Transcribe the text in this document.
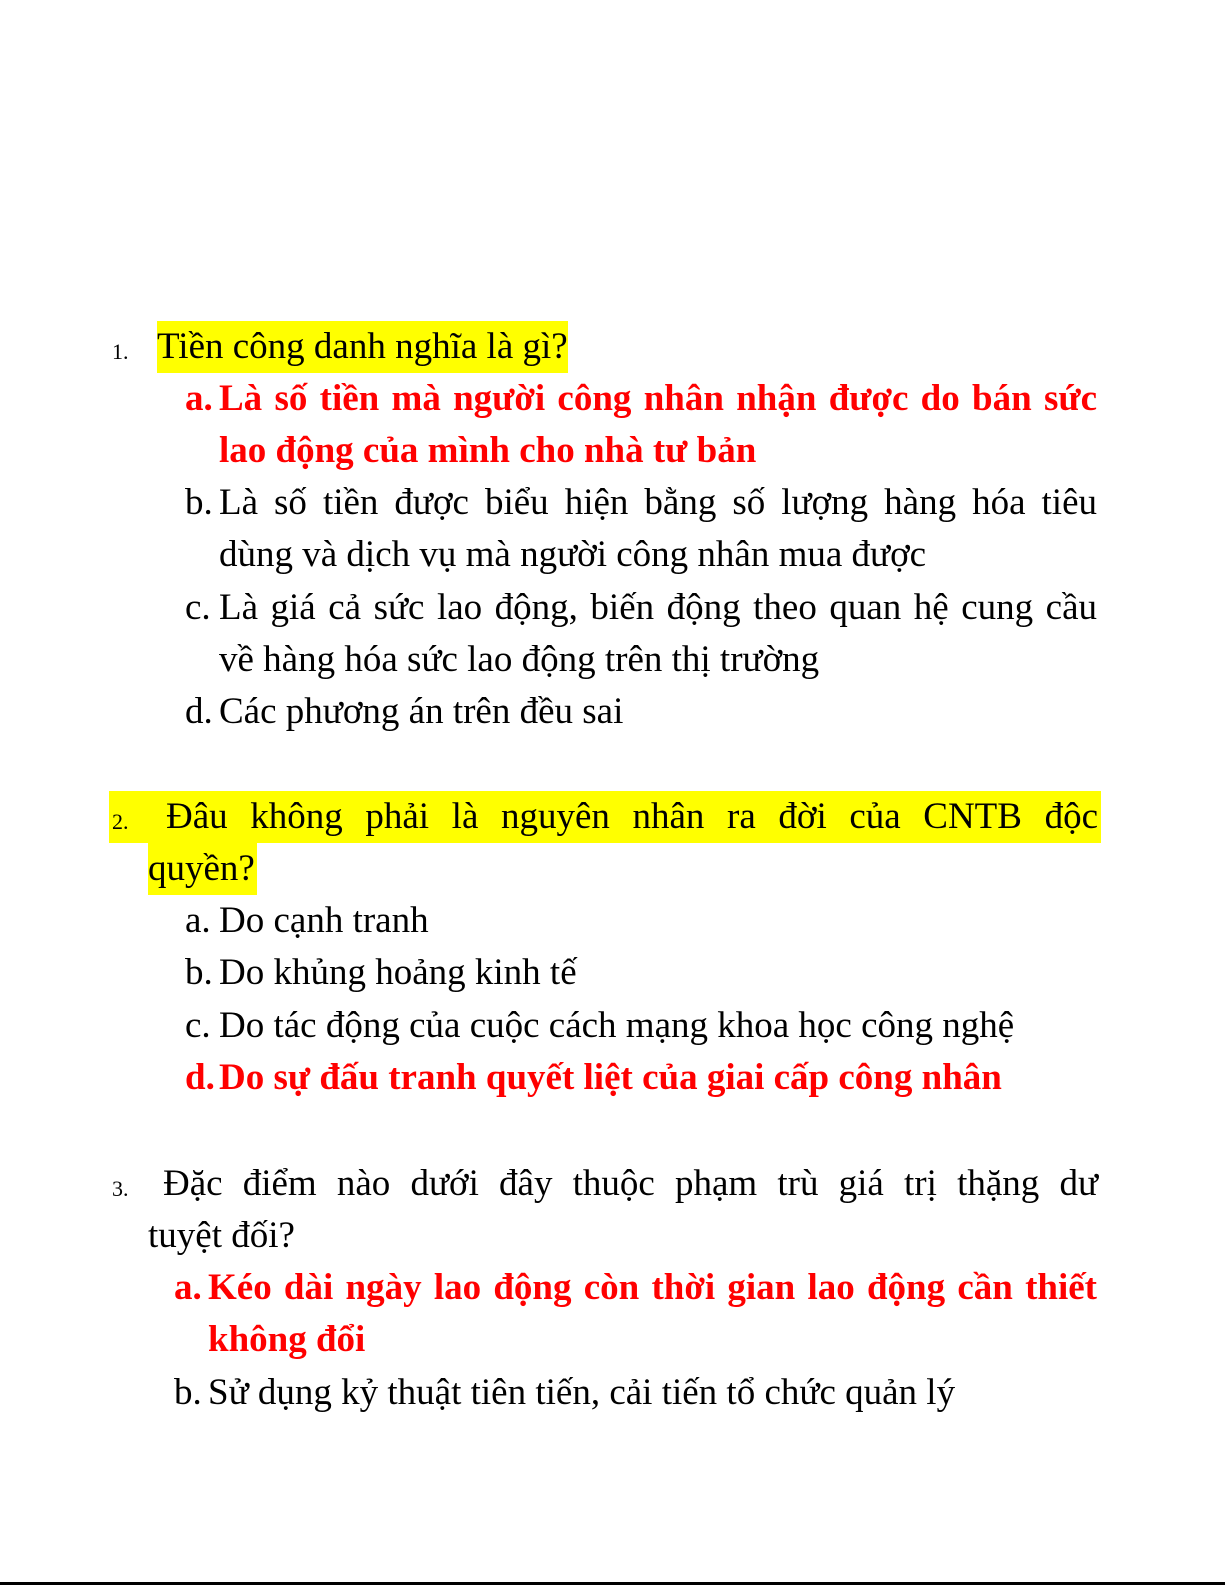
1. Tiền công danh nghĩa là gì?
a. Là số tiền mà người công nhân nhận được do bán sức lao động của mình cho nhà tư bản
b. Là số tiền được biểu hiện bằng số lượng hàng hóa tiêu dùng và dịch vụ mà người công nhân mua được
c. Là giá cả sức lao động, biến động theo quan hệ cung cầu về hàng hóa sức lao động trên thị trường
d. Các phương án trên đều sai
2. Đâu không phải là nguyên nhân ra đời của CNTB độc
quyền?
a. Do cạnh tranh
b. Do khủng hoảng kinh tế
c. Do tác động của cuộc cách mạng khoa học công nghệ
d. Do sự đấu tranh quyết liệt của giai cấp công nhân
3. Đặc điểm nào dưới đây thuộc phạm trù giá trị thặng dư
tuyệt đối?
a. Kéo dài ngày lao động còn thời gian lao động cần thiết không đổi
b. Sử dụng kỷ thuật tiên tiến, cải tiến tổ chức quản lý
